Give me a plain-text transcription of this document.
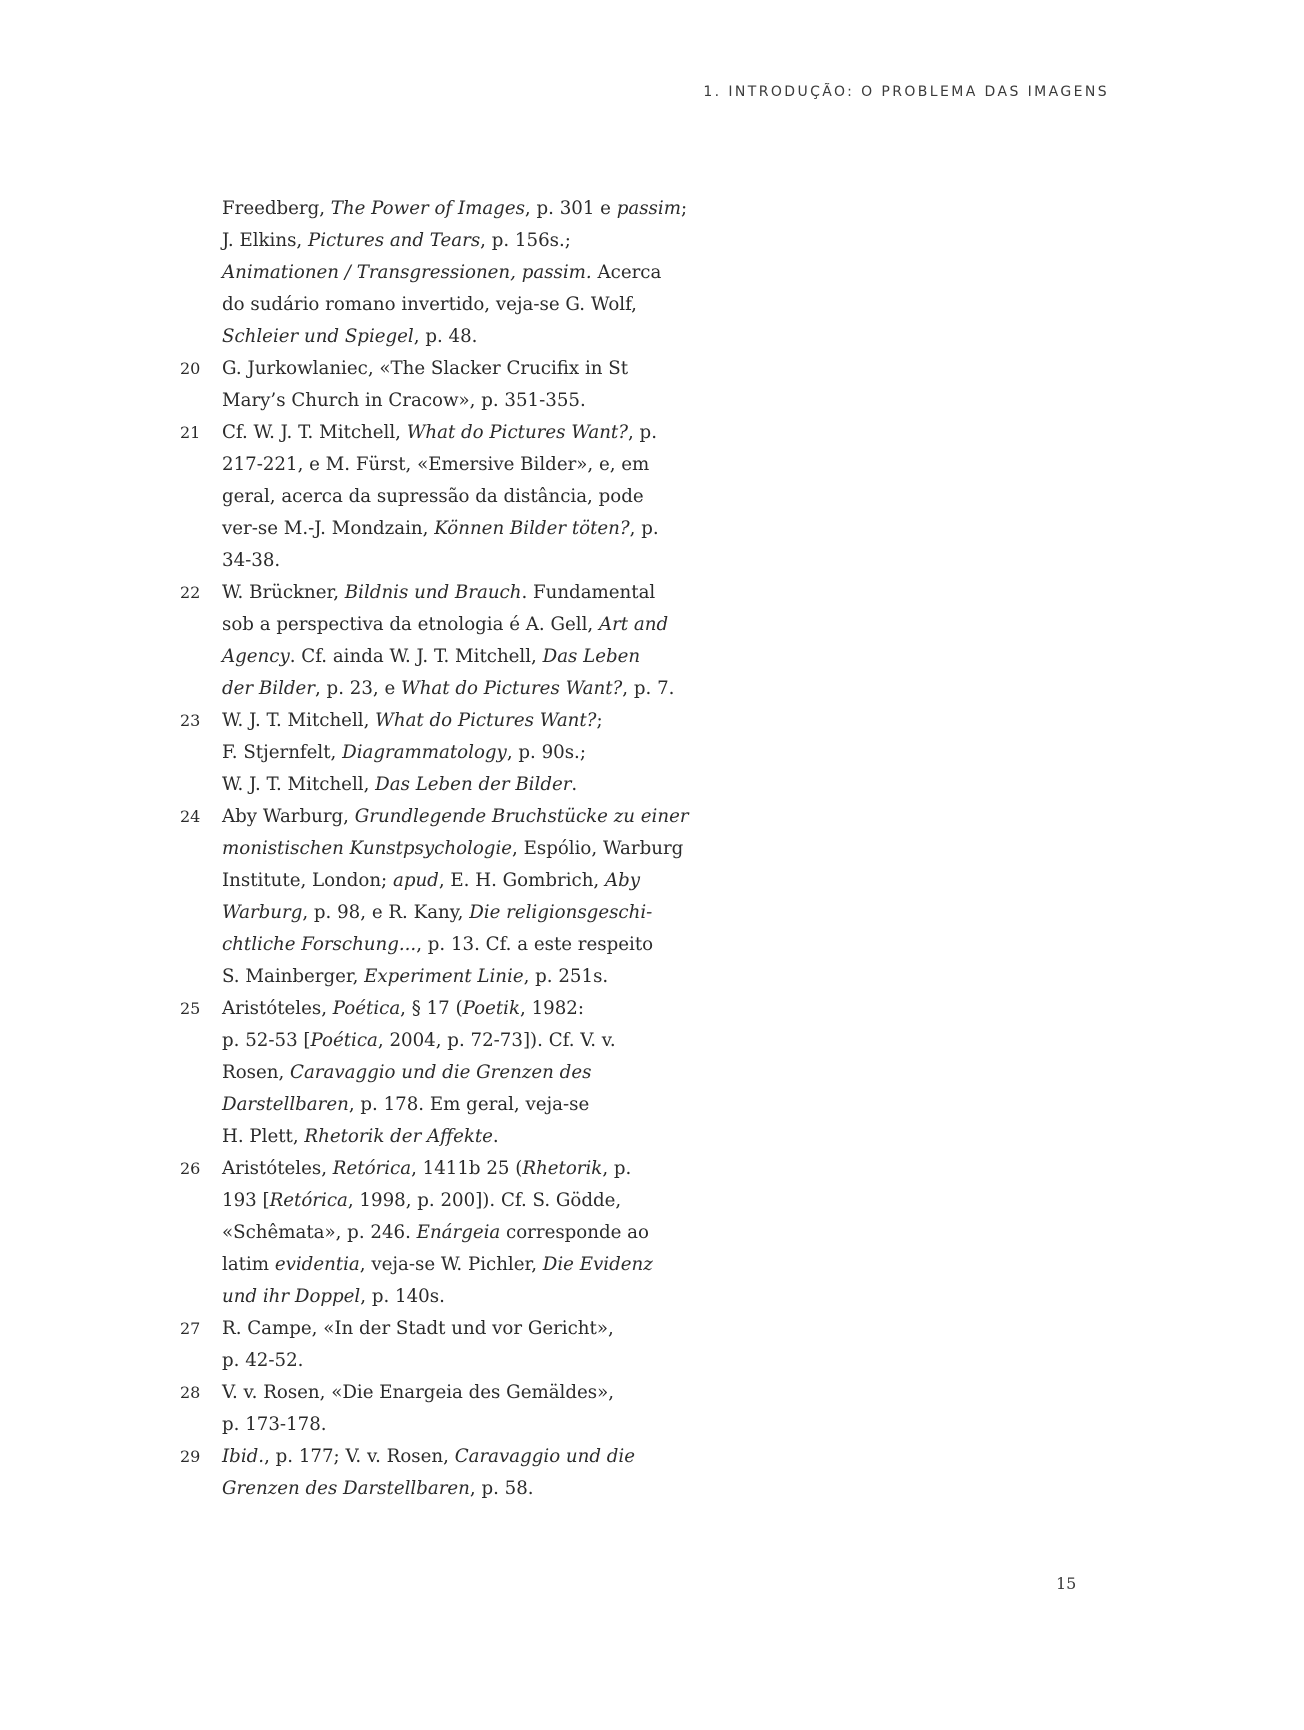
1. INTRODUÇÃO: O PROBLEMA DAS IMAGENS
Freedberg, The Power of Images, p. 301 e passim;
J. Elkins, Pictures and Tears, p. 156s.;
Animationen / Transgressionen, passim. Acerca
do sudário romano invertido, veja-se G. Wolf,
Schleier und Spiegel, p. 48.
20	G. Jurkowlaniec, «The Slacker Crucifix in St
Mary’s Church in Cracow», p. 351-355.
21	Cf. W. J. T. Mitchell, What do Pictures Want?, p.
217-221, e M. Fürst, «Emersive Bilder», e, em
geral, acerca da supressão da distância, pode
ver-se M.-J. Mondzain, Können Bilder töten?, p.
34-38.
22	W. Brückner, Bildnis und Brauch. Fundamental
sob a perspectiva da etnologia é A. Gell, Art and
Agency. Cf. ainda W. J. T. Mitchell, Das Leben
der Bilder, p. 23, e What do Pictures Want?, p. 7.
23	W. J. T. Mitchell, What do Pictures Want?;
F. Stjernfelt, Diagrammatology, p. 90s.;
W. J. T. Mitchell, Das Leben der Bilder.
24	Aby Warburg, Grundlegende Bruchstücke zu einer
monistischen Kunstpsychologie, Espólio, Warburg
Institute, London; apud, E. H. Gombrich, Aby
Warburg, p. 98, e R. Kany, Die religionsgeschi-
chtliche Forschung..., p. 13. Cf. a este respeito
S. Mainberger, Experiment Linie, p. 251s.
25	Aristóteles, Poética, § 17 (Poetik, 1982:
p. 52-53 [Poética, 2004, p. 72-73]). Cf. V. v.
Rosen, Caravaggio und die Grenzen des
Darstellbaren, p. 178. Em geral, veja-se
H. Plett, Rhetorik der Affekte.
26	Aristóteles, Retórica, 1411b 25 (Rhetorik, p.
193 [Retórica, 1998, p. 200]). Cf. S. Gödde,
«Schêmata», p. 246. Enárgeia corresponde ao
latim evidentia, veja-se W. Pichler, Die Evidenz
und ihr Doppel, p. 140s.
27	R. Campe, «In der Stadt und vor Gericht»,
p. 42-52.
28	V. v. Rosen, «Die Enargeia des Gemäldes»,
p. 173-178.
29	Ibid., p. 177; V. v. Rosen, Caravaggio und die
Grenzen des Darstellbaren, p. 58.
15
